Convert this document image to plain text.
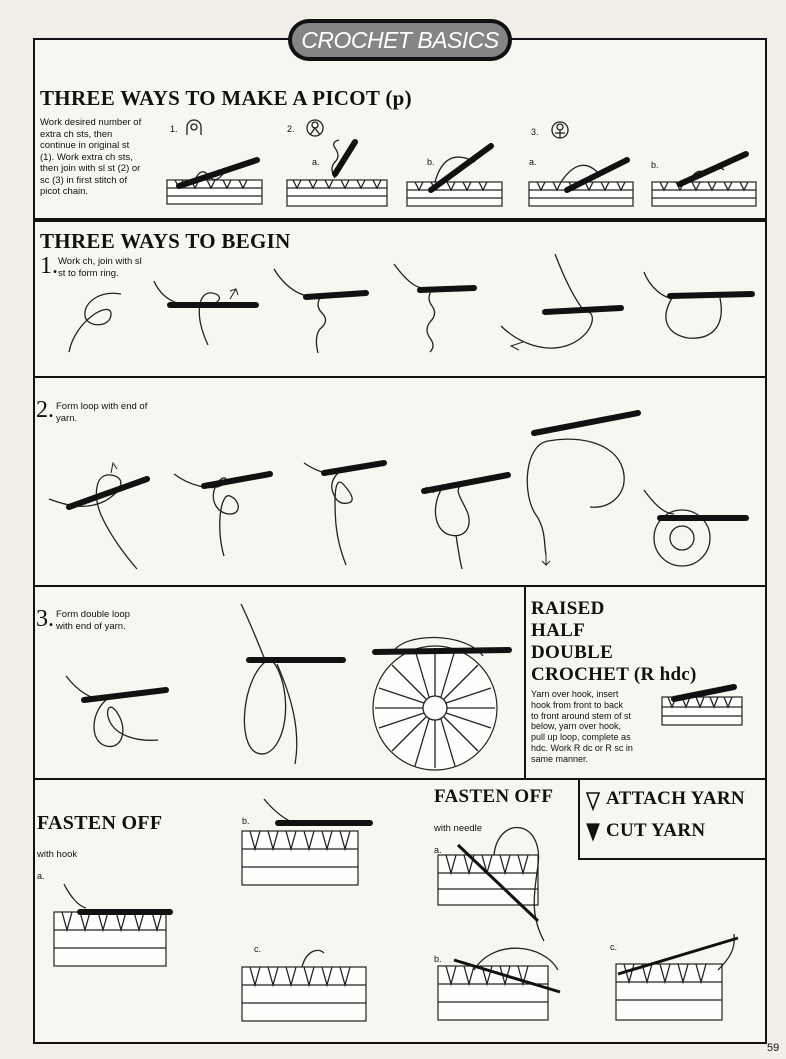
CROCHET BASICS
THREE WAYS TO MAKE A PICOT (p)
Work desired number of extra ch sts, then continue in original st (1). Work extra ch sts, then join with sl st (2) or sc (3) in first stitch of picot chain.
1.	2.	3.
a.	b.	a.	b.
THREE WAYS TO BEGIN
1. Work ch, join with sl st to form ring.
2. Form loop with end of yarn.
3. Form double loop with end of yarn.
RAISED
HALF
DOUBLE
CROCHET (R hdc)
Yarn over hook, insert hook from front to back to front around stem of st below, yarn over hook, pull up loop, complete as hdc. Work R dc or R sc in same manner.
FASTEN OFF
with hook
a.
b.
c.
FASTEN OFF
with needle
a.
b.
c.
ATTACH YARN
CUT YARN
59
